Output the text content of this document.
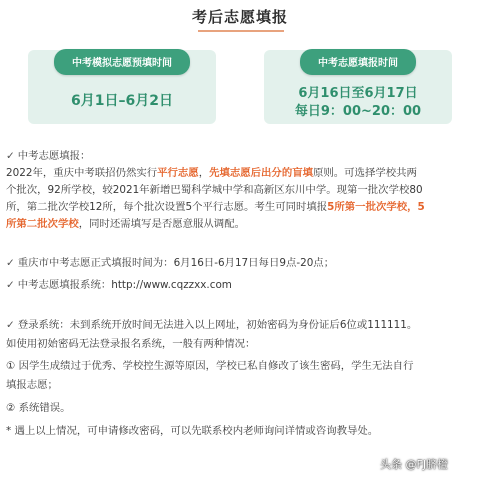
考后志愿填报
中考模拟志愿预填时间
6月1日–6月2日
中考志愿填报时间
6月16日至6月17日
每日9：00~20：00
✓ 中考志愿填报：
2022年，重庆中考联招仍然实行平行志愿，先填志愿后出分的盲填原则。可选择学校共两
个批次，92所学校，较2021年新增巴蜀科学城中学和高新区东川中学。现第一批次学校80
所，第二批次学校12所，每个批次设置5个平行志愿。考生可同时填报5所第一批次学校，5
所第二批次学校，同时还需填写是否愿意服从调配。
✓ 重庆市中考志愿正式填报时间为：6月16日-6月17日每日9点-20点；
✓ 中考志愿填报系统：http://www.cqzzxx.com
✓ 登录系统：未到系统开放时间无法进入以上网址，初始密码为身份证后6位或111111。
如使用初始密码无法登录报名系统，一般有两种情况：
① 因学生成绩过于优秀、学校控生源等原因，学校已私自修改了该生密码，学生无法自行
填报志愿；
② 系统错误。
* 遇上以上情况，可申请修改密码，可以先联系校内老师询问详情或咨询教导处。
头条 @FJ脐橙
